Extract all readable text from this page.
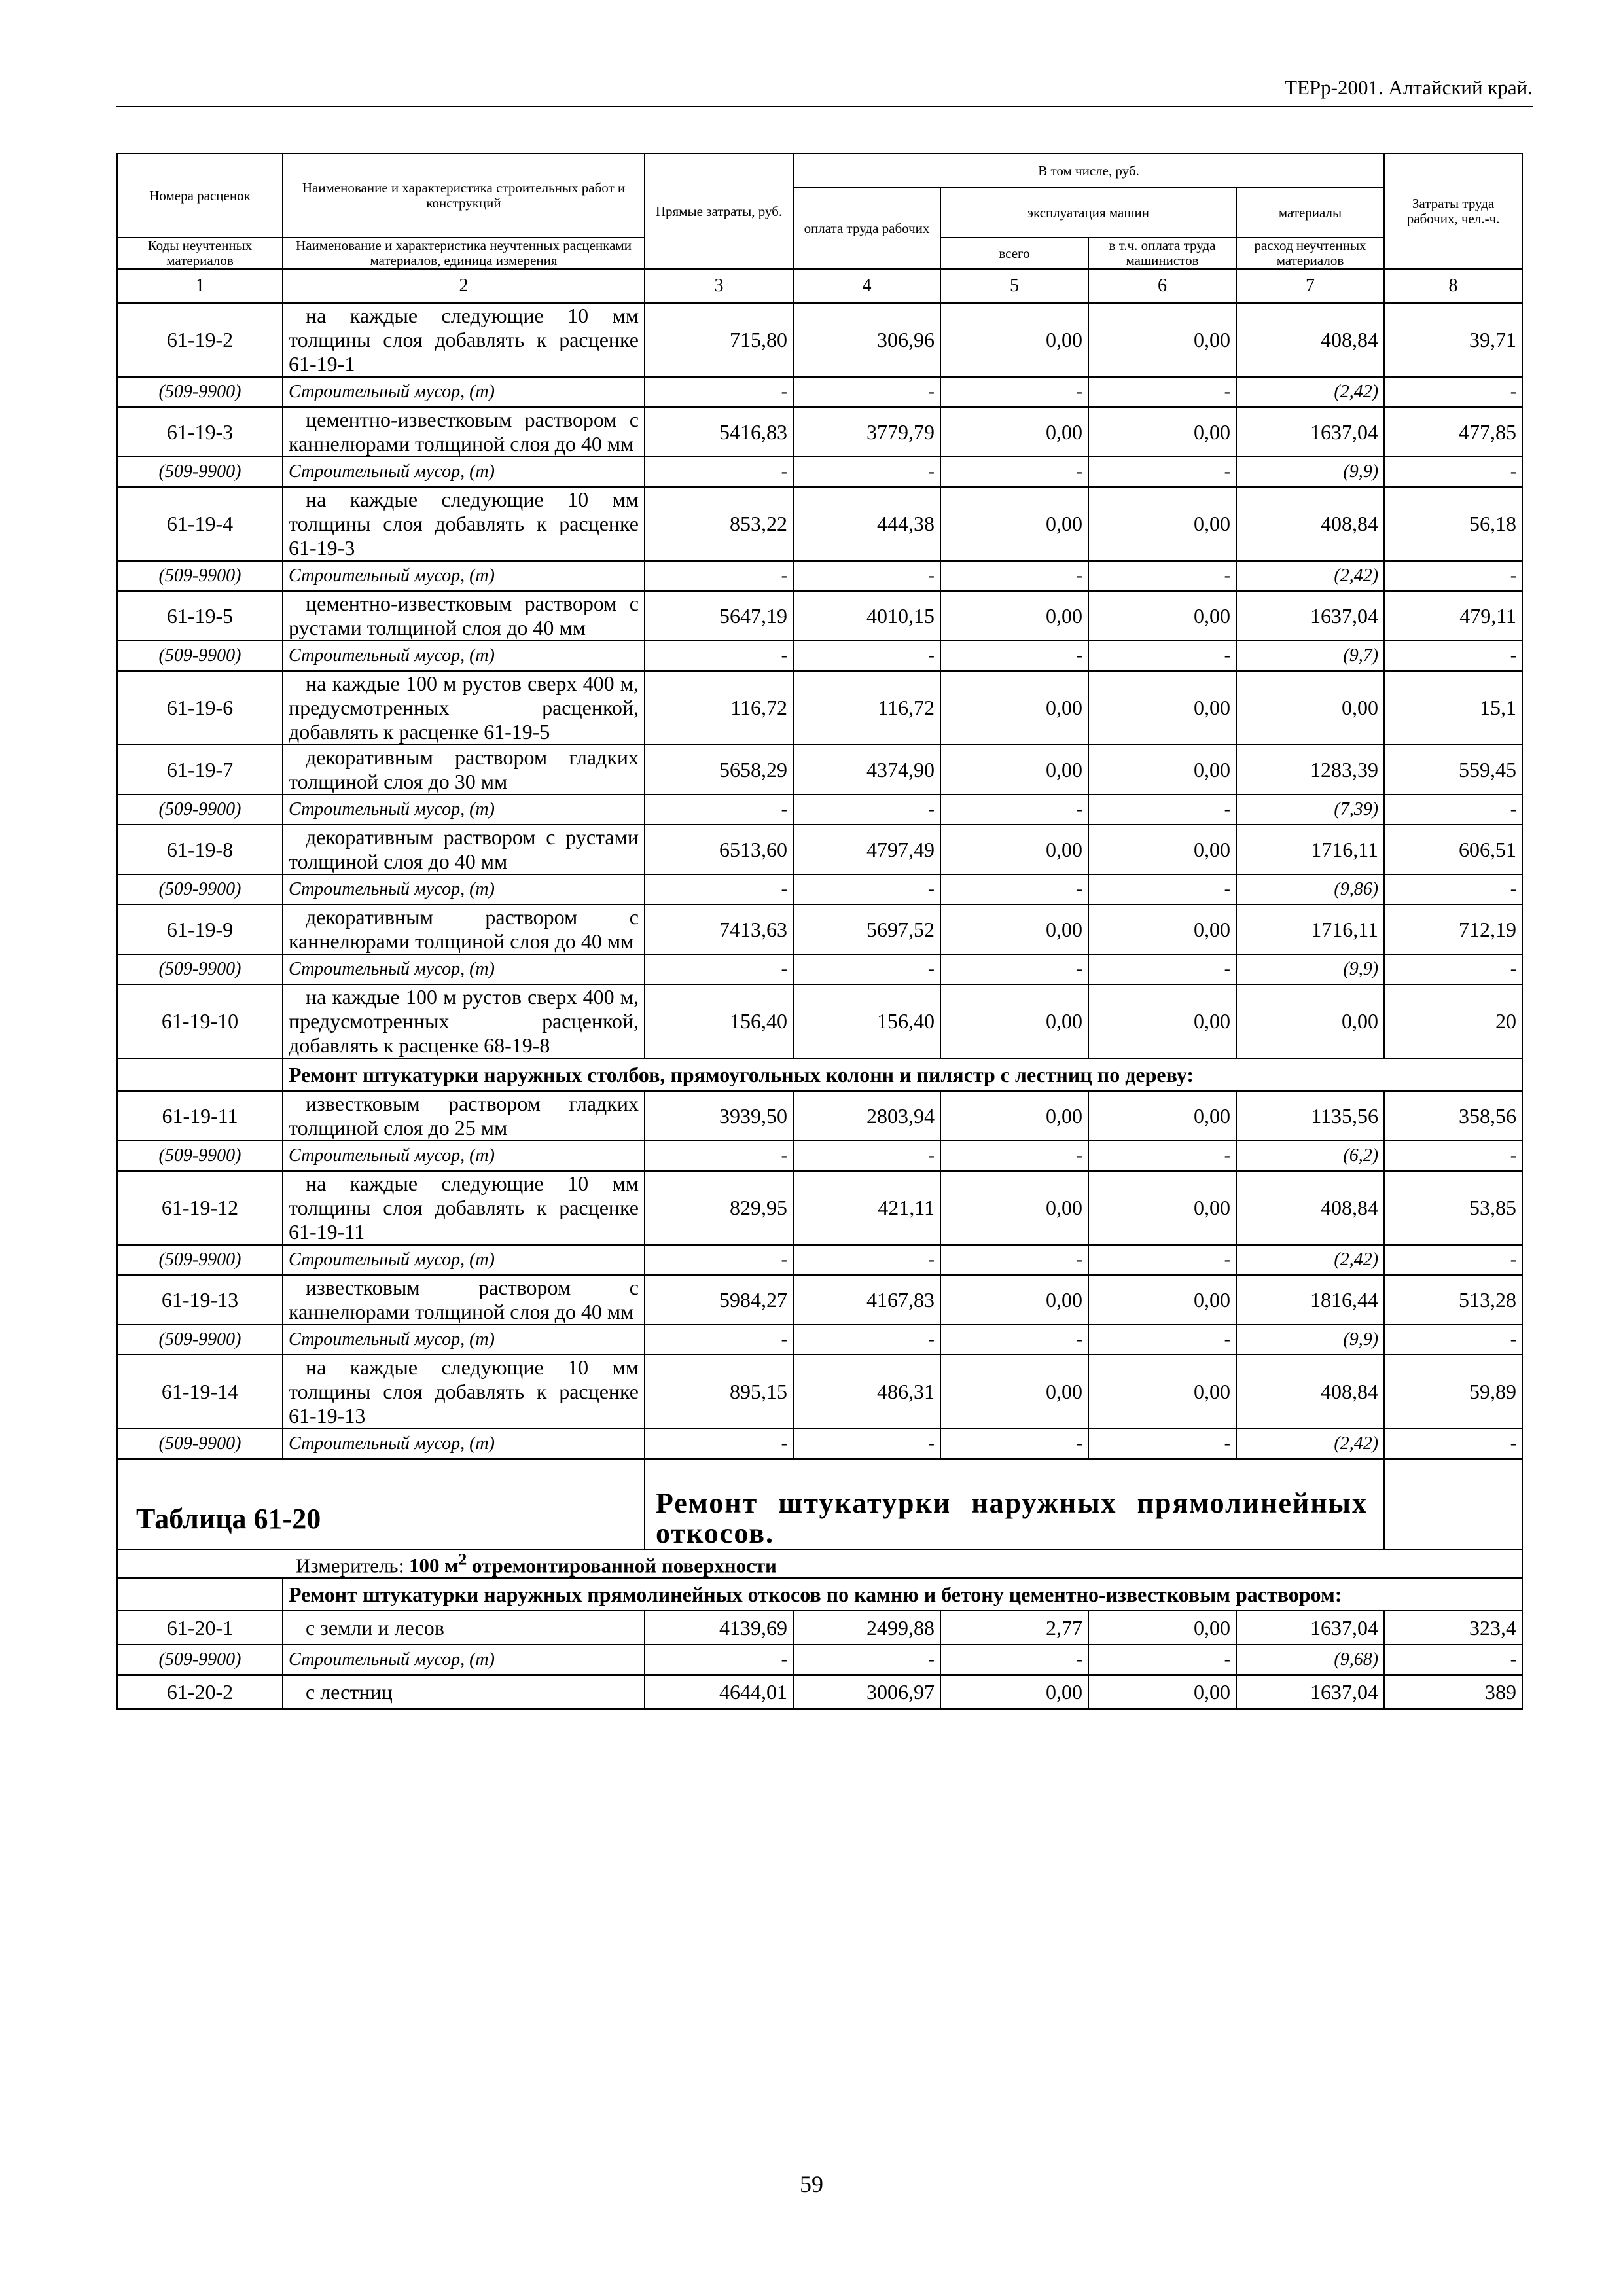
ТЕРр-2001. Алтайский край.
Номера расценок	Наименование и характеристика строительных работ и конструкций	Прямые затраты, руб.	В том числе, руб.				Затраты труда рабочих, чел.-ч.
			оплата труда рабочих	эксплуатация машин		материалы	
Коды неучтенных материалов	Наименование и характеристика неучтенных расценками материалов, единица измерения			всего	в т.ч. оплата труда машинистов	расход неучтенных материалов	

1	2	3	4	5	6	7	8
61-19-2	на каждые следующие 10 мм толщины слоя добавлять к расценке 61-19-1	715,80	306,96	0,00	0,00	408,84	39,71
(509-9900)	Строительный мусор, (т)	-	-	-	-	(2,42)	-
61-19-3	цементно-известковым раствором с каннелюрами толщиной слоя до 40 мм	5416,83	3779,79	0,00	0,00	1637,04	477,85
(509-9900)	Строительный мусор, (т)	-	-	-	-	(9,9)	-
61-19-4	на каждые следующие 10 мм толщины слоя добавлять к расценке 61-19-3	853,22	444,38	0,00	0,00	408,84	56,18
(509-9900)	Строительный мусор, (т)	-	-	-	-	(2,42)	-
61-19-5	цементно-известковым раствором с рустами толщиной слоя до 40 мм	5647,19	4010,15	0,00	0,00	1637,04	479,11
(509-9900)	Строительный мусор, (т)	-	-	-	-	(9,7)	-
61-19-6	на каждые 100 м рустов сверх 400 м, предусмотренных расценкой, добавлять к расценке 61-19-5	116,72	116,72	0,00	0,00	0,00	15,1
61-19-7	декоративным раствором гладких толщиной слоя до 30 мм	5658,29	4374,90	0,00	0,00	1283,39	559,45
(509-9900)	Строительный мусор, (т)	-	-	-	-	(7,39)	-
61-19-8	декоративным раствором с рустами толщиной слоя до 40 мм	6513,60	4797,49	0,00	0,00	1716,11	606,51
(509-9900)	Строительный мусор, (т)	-	-	-	-	(9,86)	-
61-19-9	декоративным раствором с каннелюрами толщиной слоя до 40 мм	7413,63	5697,52	0,00	0,00	1716,11	712,19
(509-9900)	Строительный мусор, (т)	-	-	-	-	(9,9)	-
61-19-10	на каждые 100 м рустов сверх 400 м, предусмотренных расценкой, добавлять к расценке 68-19-8	156,40	156,40	0,00	0,00	0,00	20
	Ремонт штукатурки наружных столбов, прямоугольных колонн и пилястр с лестниц по дереву:						
61-19-11	известковым раствором гладких толщиной слоя до 25 мм	3939,50	2803,94	0,00	0,00	1135,56	358,56
(509-9900)	Строительный мусор, (т)	-	-	-	-	(6,2)	-
61-19-12	на каждые следующие 10 мм толщины слоя добавлять к расценке 61-19-11	829,95	421,11	0,00	0,00	408,84	53,85
(509-9900)	Строительный мусор, (т)	-	-	-	-	(2,42)	-
61-19-13	известковым раствором с каннелюрами толщиной слоя до 40 мм	5984,27	4167,83	0,00	0,00	1816,44	513,28
(509-9900)	Строительный мусор, (т)	-	-	-	-	(9,9)	-
61-19-14	на каждые следующие 10 мм толщины слоя добавлять к расценке 61-19-13	895,15	486,31	0,00	0,00	408,84	59,89
(509-9900)	Строительный мусор, (т)	-	-	-	-	(2,42)	-
Таблица 61-20		Ремонт штукатурки наружных прямолинейных откосов.					
	Измеритель: 100 $м^2$ отремонтированной поверхности						
	Ремонт штукатурки наружных прямолинейных откосов по камню и бетону цементно-известковым раствором:						
61-20-1	с земли и лесов	4139,69	2499,88	2,77	0,00	1637,04	323,4
(509-9900)	Строительный мусор, (т)	-	-	-	-	(9,68)	-
61-20-2	с лестниц	4644,01	3006,97	0,00	0,00	1637,04	389
59
